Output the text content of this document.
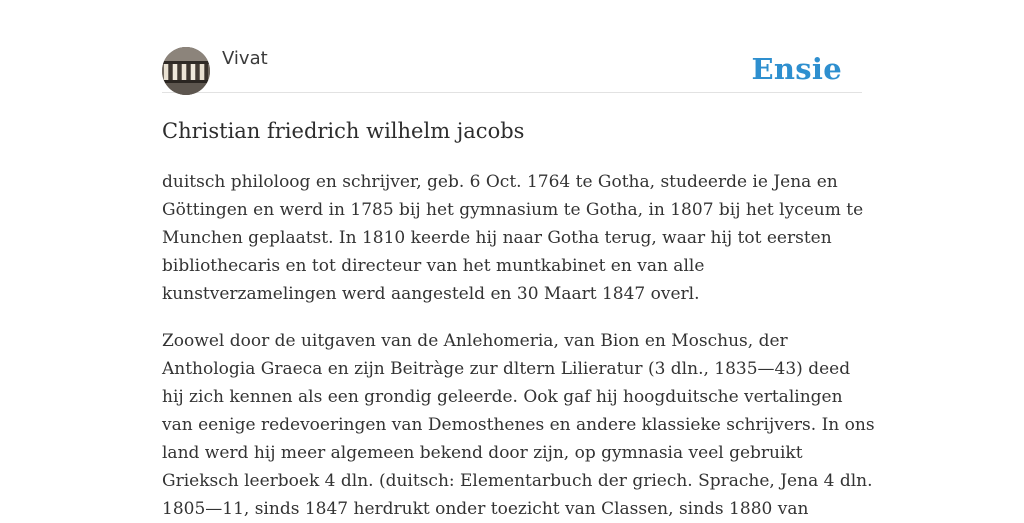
Vivat	Ensie
Christian friedrich wilhelm jacobs

duitsch philoloog en schrijver, geb. 6 Oct. 1764 te Gotha, studeerde ie Jena en
Göttingen en werd in 1785 bij het gymnasium te Gotha, in 1807 bij het lyceum te
Munchen geplaatst. In 1810 keerde hij naar Gotha terug, waar hij tot eersten
bibliothecaris en tot directeur van het muntkabinet en van alle
kunstverzamelingen werd aangesteld en 30 Maart 1847 overl.

Zoowel door de uitgaven van de Anlehomeria, van Bion en Moschus, der
Anthologia Graeca en zijn Beitràge zur dltern Lilieratur (3 dln., 1835—43) deed
hij zich kennen als een grondig geleerde. Ook gaf hij hoogduitsche vertalingen
van eenige redevoeringen van Demosthenes en andere klassieke schrijvers. In ons
land werd hij meer algemeen bekend door zijn, op gymnasia veel gebruikt
Grieksch leerboek 4 dln. (duitsch: Elementarbuch der griech. Sprache, Jena 4 dln.
1805—11, sinds 1847 herdrukt onder toezicht van Classen, sinds 1880 van
